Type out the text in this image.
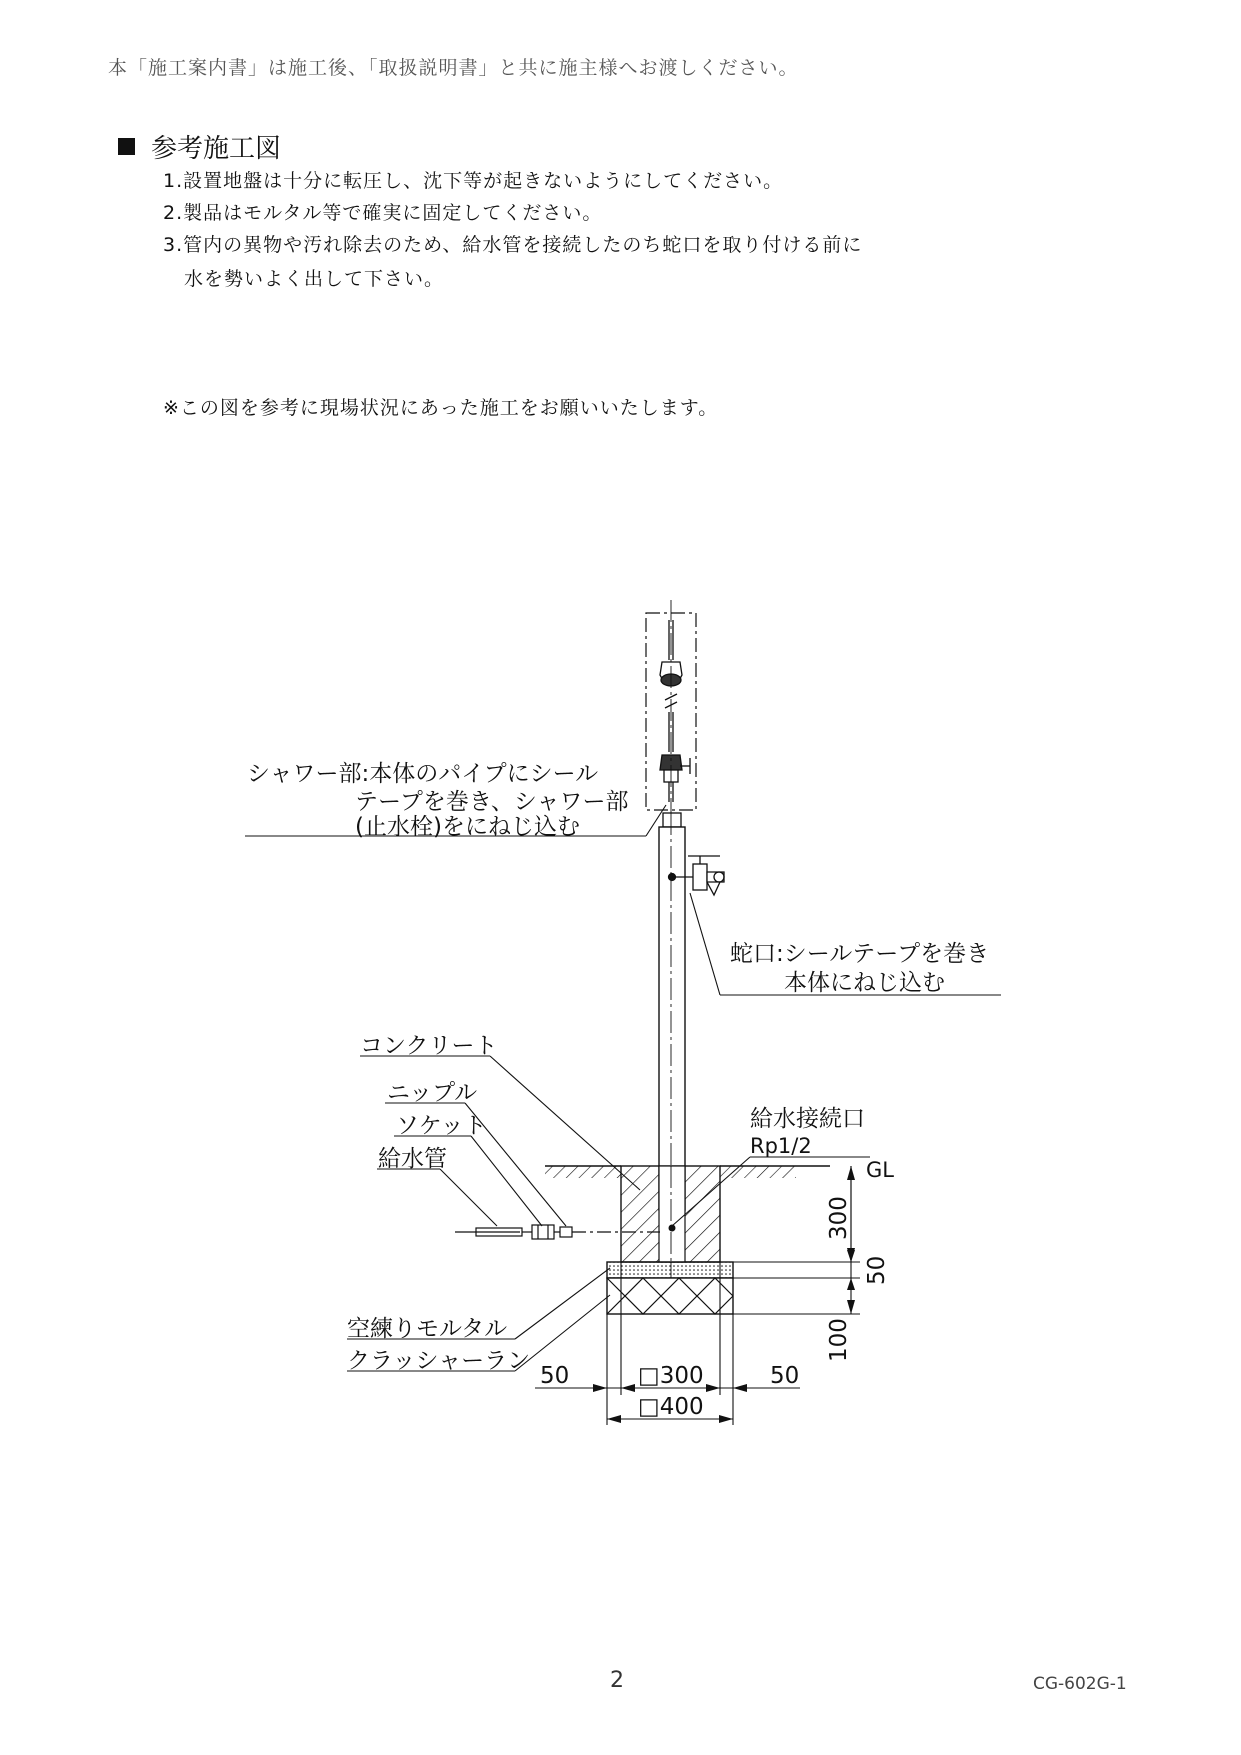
本「施工案内書」は施工後、「取扱説明書」と共に施主様へお渡しください。
参考施工図
1.設置地盤は十分に転圧し、沈下等が起きないようにしてください。
2.製品はモルタル等で確実に固定してください。
3.管内の異物や汚れ除去のため、給水管を接続したのち蛇口を取り付ける前に
水を勢いよく出して下さい。
※この図を参考に現場状況にあった施工をお願いいたします。
シャワー部:本体のパイプにシール
テープを巻き、シャワー部
(止水栓)をにねじ込む
蛇口:シールテープを巻き
本体にねじ込む
コンクリート
ニップル
ソケット
給水管
給水接続口
Rp1/2
GL
空練りモルタル
クラッシャーラン
300
50
100
50	50
□300
□400
2	CG-602G-1
